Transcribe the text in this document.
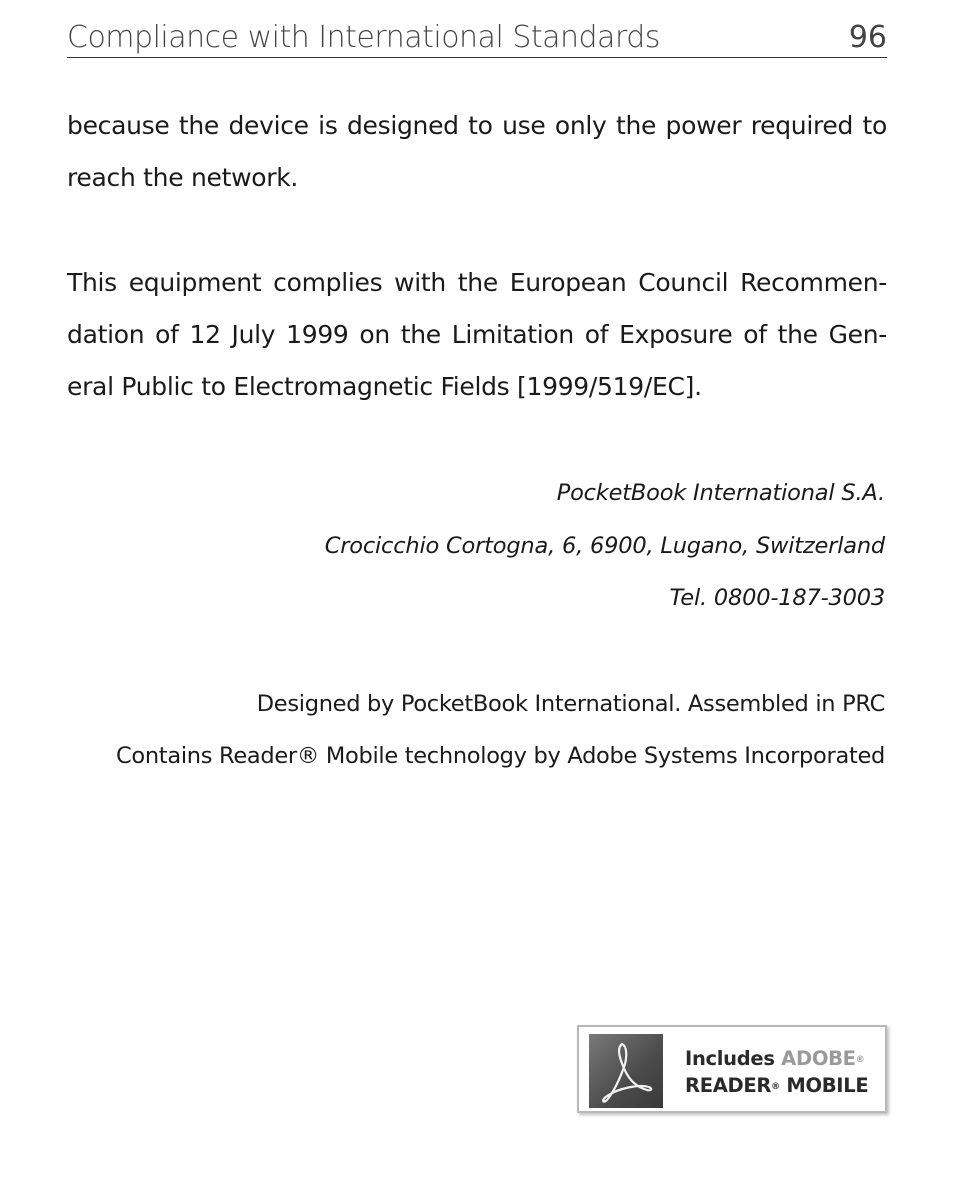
Compliance with International Standards	96
because the device is designed to use only the power required to
reach the network.
This equipment complies with the European Council Recommen-
dation of 12 July 1999 on the Limitation of Exposure of the Gen-
eral Public to Electromagnetic Fields [1999/519/EC].
PocketBook International S.A.
Crocicchio Cortogna, 6, 6900, Lugano, Switzerland
Tel. 0800-187-3003
Designed by PocketBook International. Assembled in PRC
Contains Reader® Mobile technology by Adobe Systems Incorporated
Includes ADOBE®
READER® MOBILE
